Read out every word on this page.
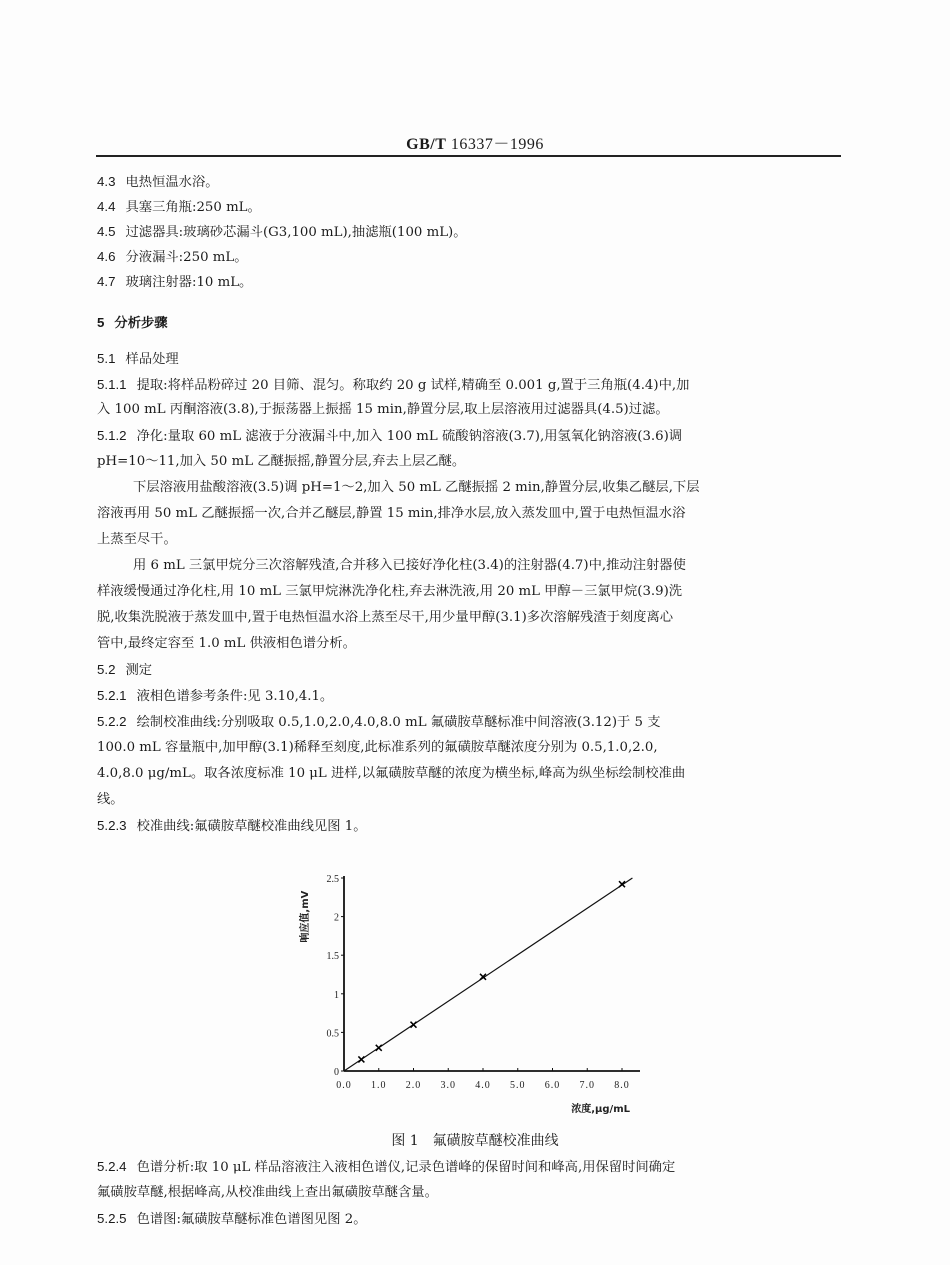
GB/T 16337－1996
4.3 电热恒温水浴。
4.4 具塞三角瓶:250 mL。
4.5 过滤器具:玻璃砂芯漏斗(G3,100 mL),抽滤瓶(100 mL)。
4.6 分液漏斗:250 mL。
4.7 玻璃注射器:10 mL。
5 分析步骤
5.1 样品处理
5.1.1 提取:将样品粉碎过 20 目筛、混匀。称取约 20 g 试样,精确至 0.001 g,置于三角瓶(4.4)中,加
入 100 mL 丙酮溶液(3.8),于振荡器上振摇 15 min,静置分层,取上层溶液用过滤器具(4.5)过滤。
5.1.2 净化:量取 60 mL 滤液于分液漏斗中,加入 100 mL 硫酸钠溶液(3.7),用氢氧化钠溶液(3.6)调
pH=10～11,加入 50 mL 乙醚振摇,静置分层,弃去上层乙醚。
下层溶液用盐酸溶液(3.5)调 pH=1～2,加入 50 mL 乙醚振摇 2 min,静置分层,收集乙醚层,下层
溶液再用 50 mL 乙醚振摇一次,合并乙醚层,静置 15 min,排净水层,放入蒸发皿中,置于电热恒温水浴
上蒸至尽干。
用 6 mL 三氯甲烷分三次溶解残渣,合并移入已接好净化柱(3.4)的注射器(4.7)中,推动注射器使
样液缓慢通过净化柱,用 10 mL 三氯甲烷淋洗净化柱,弃去淋洗液,用 20 mL 甲醇－三氯甲烷(3.9)洗
脱,收集洗脱液于蒸发皿中,置于电热恒温水浴上蒸至尽干,用少量甲醇(3.1)多次溶解残渣于刻度离心
管中,最终定容至 1.0 mL 供液相色谱分析。
5.2 测定
5.2.1 液相色谱参考条件:见 3.10,4.1。
5.2.2 绘制校准曲线:分别吸取 0.5,1.0,2.0,4.0,8.0 mL 氟磺胺草醚标准中间溶液(3.12)于 5 支
100.0 mL 容量瓶中,加甲醇(3.1)稀释至刻度,此标准系列的氟磺胺草醚浓度分别为 0.5,1.0,2.0,
4.0,8.0 μg/mL。取各浓度标准 10 μL 进样,以氟磺胺草醚的浓度为横坐标,峰高为纵坐标绘制校准曲
线。
5.2.3 校准曲线:氟磺胺草醚校准曲线见图 1。
0
0.5
1
1.5
2
2.5
0.0 1.0 2.0 3.0 4.0 5.0 6.0 7.0 8.0
响应值,mV
浓度,μg/mL
图 1　氟磺胺草醚校准曲线
5.2.4 色谱分析:取 10 μL 样品溶液注入液相色谱仪,记录色谱峰的保留时间和峰高,用保留时间确定
氟磺胺草醚,根据峰高,从校准曲线上查出氟磺胺草醚含量。
5.2.5 色谱图:氟磺胺草醚标准色谱图见图 2。
